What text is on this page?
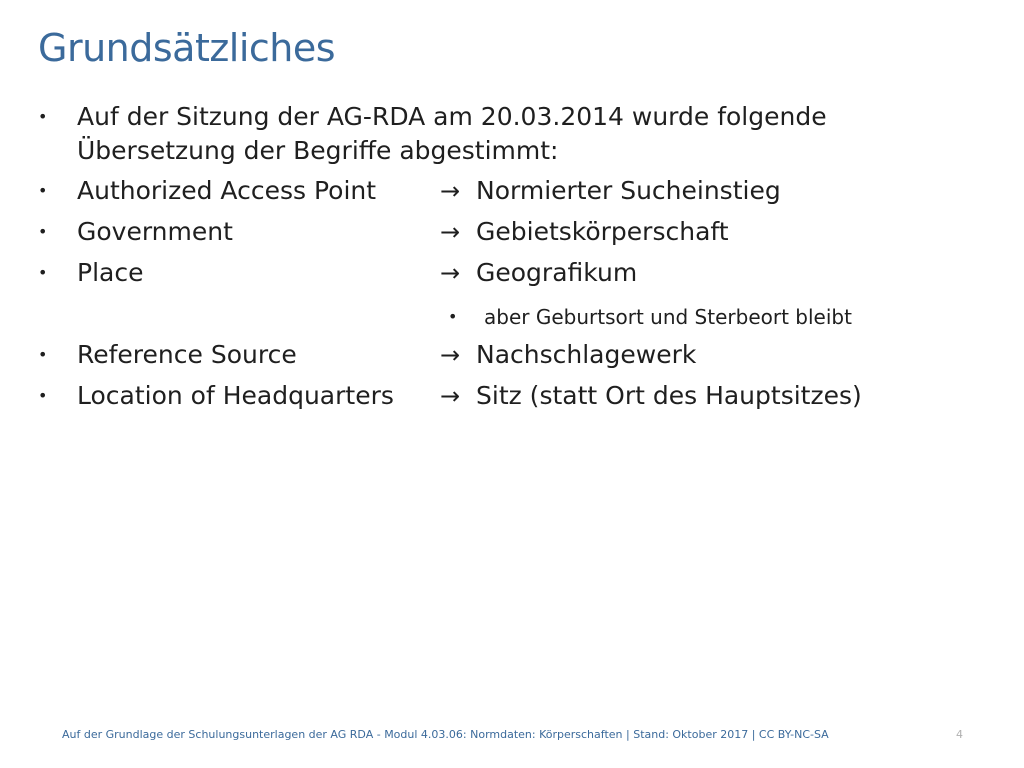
Grundsätzliches
• Auf der Sitzung der AG-RDA am 20.03.2014 wurde folgende Übersetzung der Begriffe abgestimmt:
• Authorized Access Point	→ Normierter Sucheinstieg
• Government	→ Gebietskörperschaft
• Place	→ Geografikum
• aber Geburtsort und Sterbeort bleibt
• Reference Source	→ Nachschlagewerk
• Location of Headquarters → Sitz (statt Ort des Hauptsitzes)
Auf der Grundlage der Schulungsunterlagen der AG RDA - Modul 4.03.06: Normdaten: Körperschaften | Stand: Oktober 2017 | CC BY-NC-SA	4
